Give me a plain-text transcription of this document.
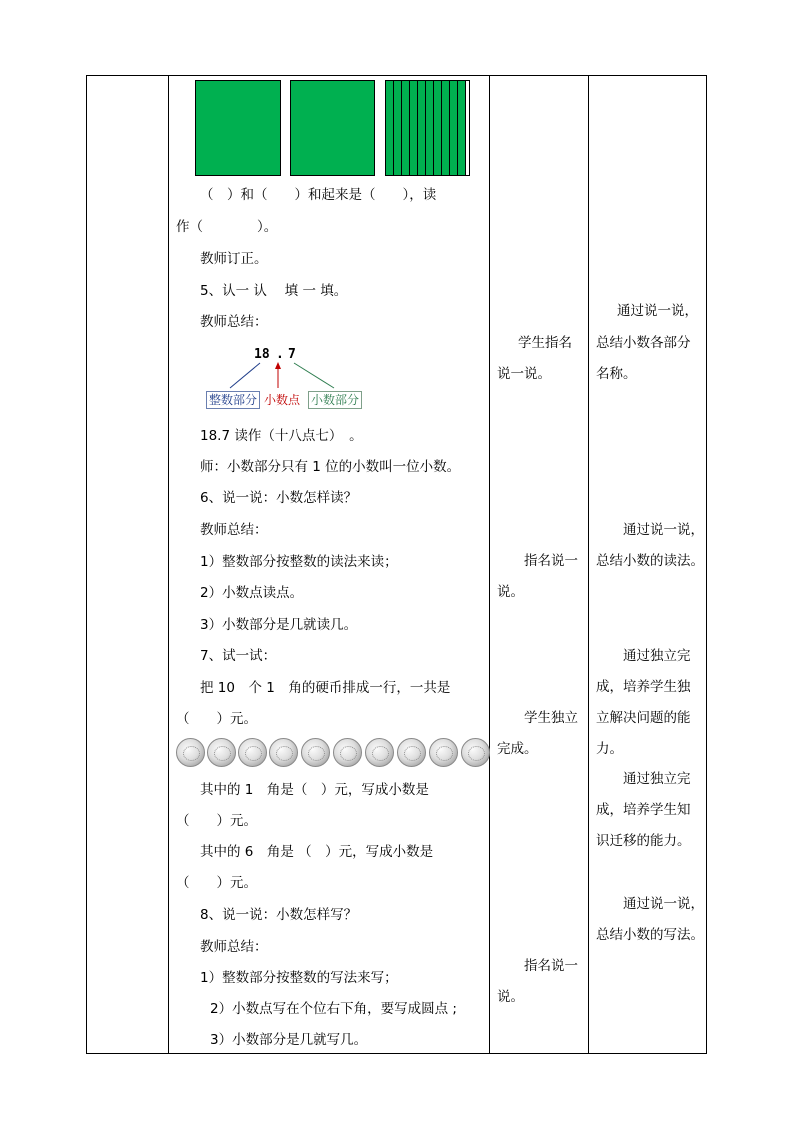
（　）和（　　）和起来是（　　），读
作（　　　　）。
教师订正。
5、认一 认　 填 一 填。
教师总结：
18 . 7
整数部分 小数点 小数部分
18.7 读作（十八点七）　。
师：小数部分只有 1 位的小数叫一位小数。
6、说一说：小数怎样读？
教师总结：
1）整数部分按整数的读法来读；
2）小数点读点。
3）小数部分是几就读几。
7、试一试：
把 10　个 1　角的硬币排成一行，一共是
（　　）元。
其中的 1　角是（　）元，写成小数是
（　　）元。
其中的 6　角是 （　）元，写成小数是
（　　）元。
8、说一说：小数怎样写？
教师总结：
1）整数部分按整数的写法来写；
2）小数点写在个位右下角，要写成圆点 ;
3）小数部分是几就写几。
学生指名
说一说。
指名说一
说。
学生独立
完成。
指名说一
说。
通过说一说，
总结小数各部分
名称。
通过说一说，
总结小数的读法。
通过独立完
成，培养学生独
立解决问题的能
力。
通过独立完
成，培养学生知
识迁移的能力。
通过说一说，
总结小数的写法。
